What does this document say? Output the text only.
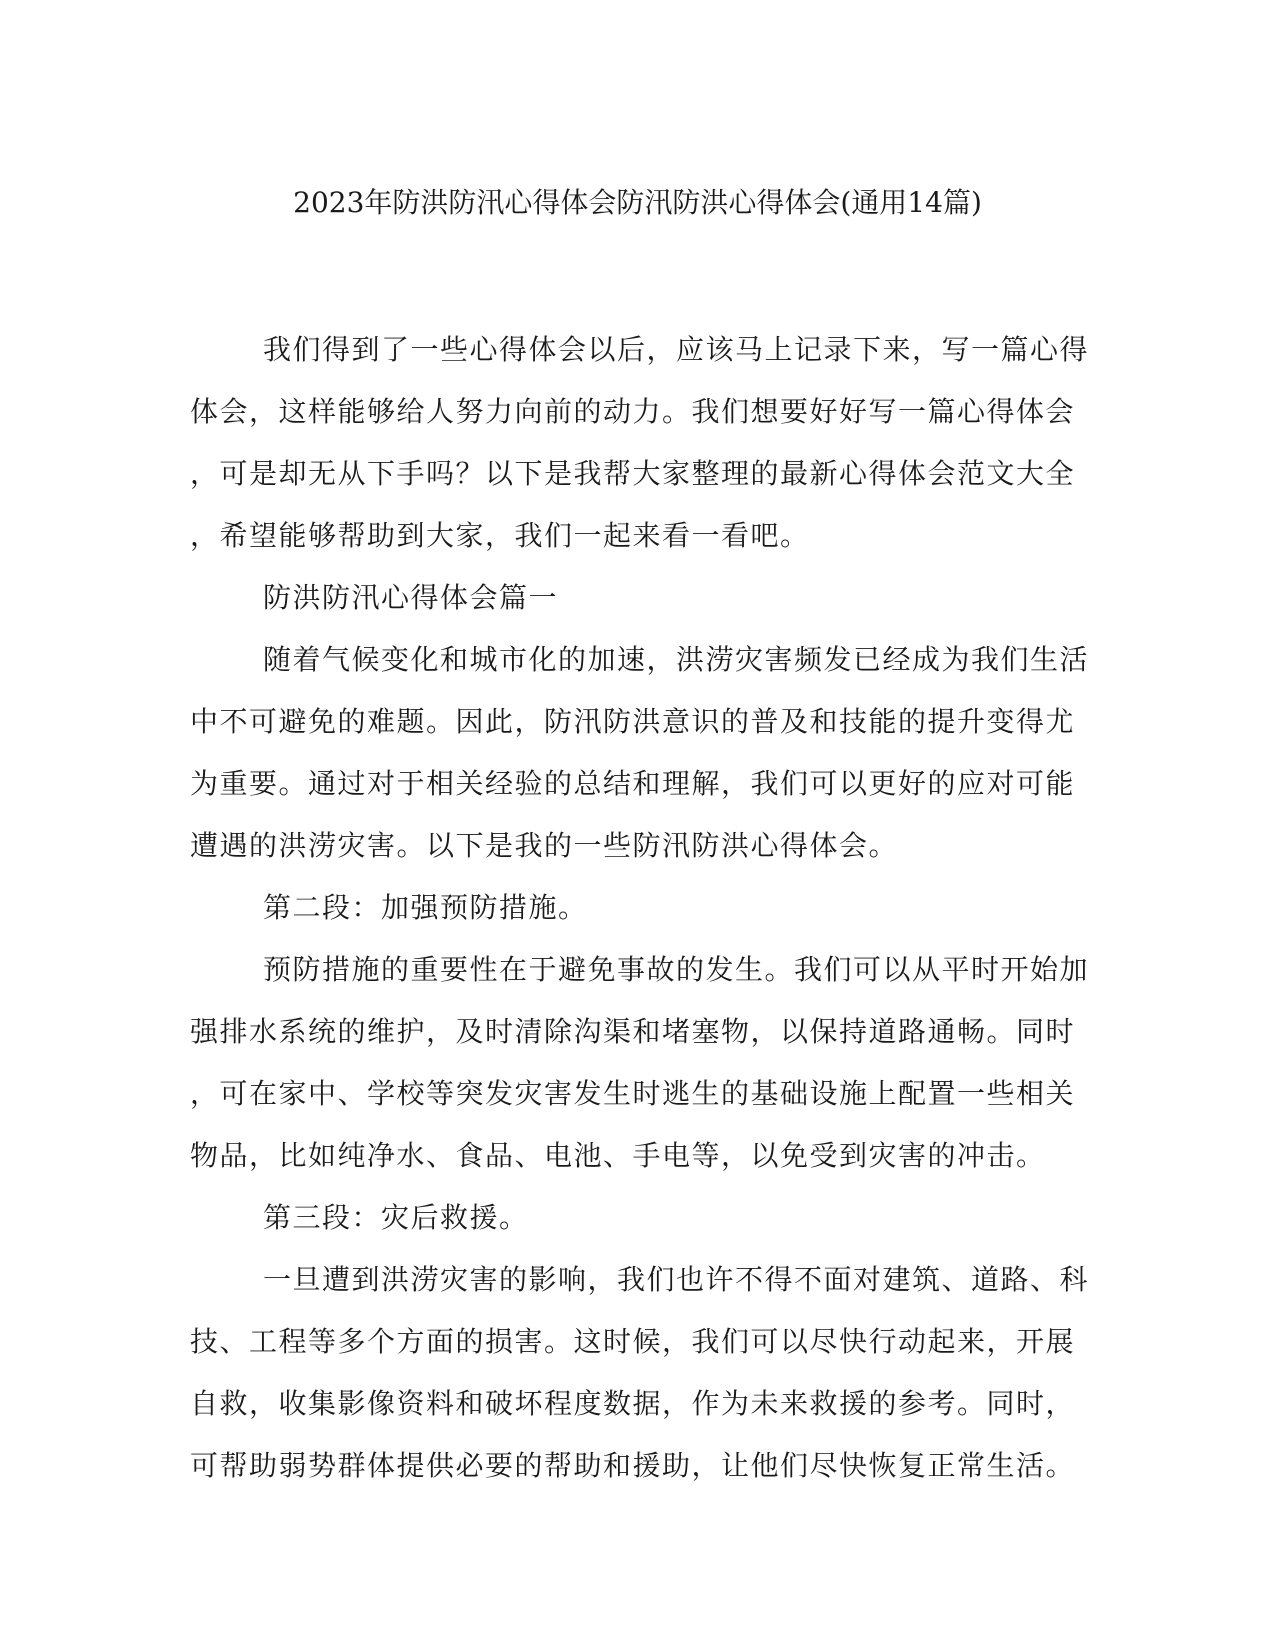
2023年防洪防汛心得体会防汛防洪心得体会(通用14篇)
我们得到了一些心得体会以后，应该马上记录下来，写一篇心得
体会，这样能够给人努力向前的动力。我们想要好好写一篇心得体会
，可是却无从下手吗？以下是我帮大家整理的最新心得体会范文大全
，希望能够帮助到大家，我们一起来看一看吧。
防洪防汛心得体会篇一
随着气候变化和城市化的加速，洪涝灾害频发已经成为我们生活
中不可避免的难题。因此，防汛防洪意识的普及和技能的提升变得尤
为重要。通过对于相关经验的总结和理解，我们可以更好的应对可能
遭遇的洪涝灾害。以下是我的一些防汛防洪心得体会。
第二段：加强预防措施。
预防措施的重要性在于避免事故的发生。我们可以从平时开始加
强排水系统的维护，及时清除沟渠和堵塞物，以保持道路通畅。同时
，可在家中、学校等突发灾害发生时逃生的基础设施上配置一些相关
物品，比如纯净水、食品、电池、手电等，以免受到灾害的冲击。
第三段：灾后救援。
一旦遭到洪涝灾害的影响，我们也许不得不面对建筑、道路、科
技、工程等多个方面的损害。这时候，我们可以尽快行动起来，开展
自救，收集影像资料和破坏程度数据，作为未来救援的参考。同时，
可帮助弱势群体提供必要的帮助和援助，让他们尽快恢复正常生活。
